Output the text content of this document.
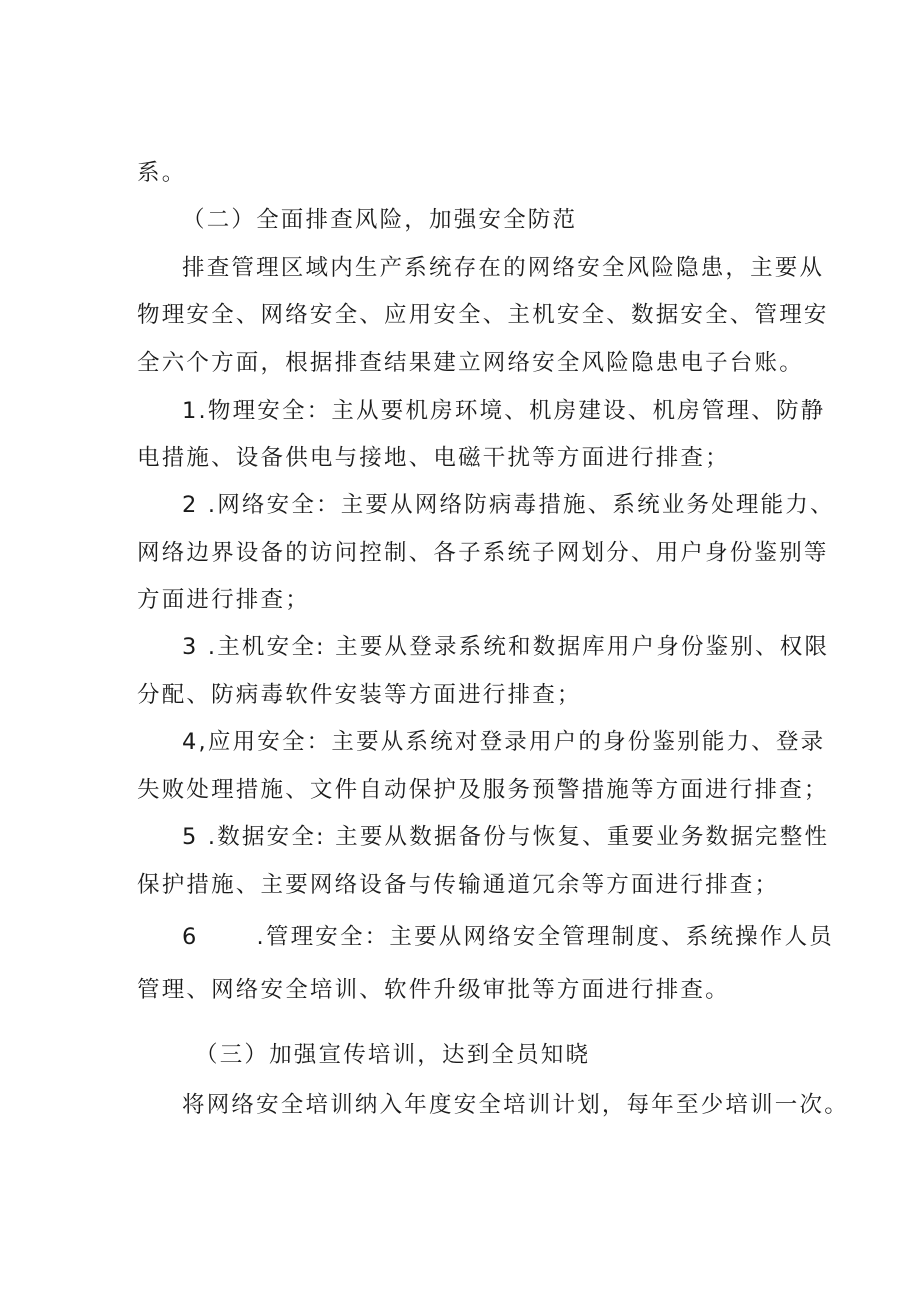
系。
（二）全面排查风险，加强安全防范
排查管理区域内生产系统存在的网络安全风险隐患，主要从
物理安全、网络安全、应用安全、主机安全、数据安全、管理安
全六个方面，根据排查结果建立网络安全风险隐患电子台账。
1.物理安全：主从要机房环境、机房建设、机房管理、防静
电措施、设备供电与接地、电磁干扰等方面进行排查；
2 .网络安全：主要从网络防病毒措施、系统业务处理能力、
网络边界设备的访问控制、各子系统子网划分、用户身份鉴别等
方面进行排查；
3 .主机安全: 主要从登录系统和数据库用户身份鉴别、权限
分配、防病毒软件安装等方面进行排查；
4,应用安全：主要从系统对登录用户的身份鉴别能力、登录
失败处理措施、文件自动保护及服务预警措施等方面进行排查；
5 .数据安全: 主要从数据备份与恢复、重要业务数据完整性
保护措施、主要网络设备与传输通道冗余等方面进行排查；
6	.管理安全：主要从网络安全管理制度、系统操作人员
管理、网络安全培训、软件升级审批等方面进行排查。
（三）加强宣传培训，达到全员知晓
将网络安全培训纳入年度安全培训计划，每年至少培训一次。
